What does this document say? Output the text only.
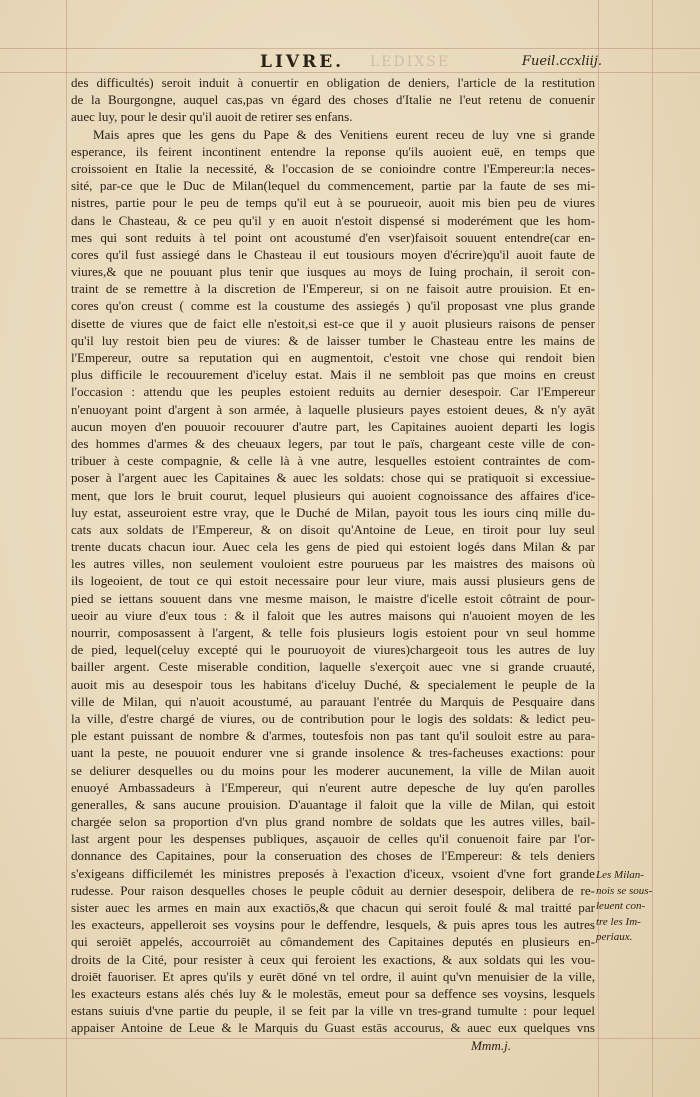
LEDIXSE
LIVRE.	Fueil.ccxliij.
des difficultés) seroit induit à conuertir en obligation de deniers, l'article de la restitution
de la Bourgongne, auquel cas,pas vn égard des choses d'Italie ne l'eut retenu de conuenir
auec luy, pour le desir qu'il auoit de retirer ses enfans.
Mais apres que les gens du Pape & des Venitiens eurent receu de luy vne si grande
esperance, ils feirent incontinent entendre la reponse qu'ils auoient euë, en temps que
croissoient en Italie la necessité, & l'occasion de se conioindre contre l'Empereur:la neces-
sité, par-ce que le Duc de Milan(lequel du commencement, partie par la faute de ses mi-
nistres, partie pour le peu de temps qu'il eut à se pourueoir, auoit mis bien peu de viures
dans le Chasteau, & ce peu qu'il y en auoit n'estoit dispensé si moderément que les hom-
mes qui sont reduits à tel point ont acoustumé d'en vser)faisoit souuent entendre(car en-
cores qu'il fust assiegé dans le Chasteau il eut tousiours moyen d'écrire)qu'il auoit faute de
viures,& que ne pouuant plus tenir que iusques au moys de Iuing prochain, il seroit con-
traint de se remettre à la discretion de l'Empereur, si on ne faisoit autre prouision. Et en-
cores qu'on creust ( comme est la coustume des assiegés ) qu'il proposast vne plus grande
disette de viures que de faict elle n'estoit,si est-ce que il y auoit plusieurs raisons de penser
qu'il luy restoit bien peu de viures: & de laisser tumber le Chasteau entre les mains de
l'Empereur, outre sa reputation qui en augmentoit, c'estoit vne chose qui rendoit bien
plus difficile le recouurement d'iceluy estat. Mais il ne sembloit pas que moins en creust
l'occasion : attendu que les peuples estoient reduits au dernier desespoir. Car l'Empereur
n'enuoyant point d'argent à son armée, à laquelle plusieurs payes estoient deues, & n'y ayāt
aucun moyen d'en pouuoir recouurer d'autre part, les Capitaines auoient departi les logis
des hommes d'armes & des cheuaux legers, par tout le païs, chargeant ceste ville de con-
tribuer à ceste compagnie, & celle là à vne autre, lesquelles estoient contraintes de com-
poser à l'argent auec les Capitaines & auec les soldats: chose qui se pratiquoit si excessiue-
ment, que lors le bruit courut, lequel plusieurs qui auoient cognoissance des affaires d'ice-
luy estat, asseuroient estre vray, que le Duché de Milan, payoit tous les iours cinq mille du-
cats aux soldats de l'Empereur, & on disoit qu'Antoine de Leue, en tiroit pour luy seul
trente ducats chacun iour. Auec cela les gens de pied qui estoient logés dans Milan & par
les autres villes, non seulement vouloient estre pourueus par les maistres des maisons où
ils logeoient, de tout ce qui estoit necessaire pour leur viure, mais aussi plusieurs gens de
pied se iettans souuent dans vne mesme maison, le maistre d'icelle estoit côtraint de pour-
ueoir au viure d'eux tous : & il faloit que les autres maisons qui n'auoient moyen de les
nourrir, composassent à l'argent, & telle fois plusieurs logis estoient pour vn seul homme
de pied, lequel(celuy excepté qui le pouruoyoit de viures)chargeoit tous les autres de luy
bailler argent. Ceste miserable condition, laquelle s'exerçoit auec vne si grande cruauté,
auoit mis au desespoir tous les habitans d'iceluy Duché, & specialement le peuple de la
ville de Milan, qui n'auoit acoustumé, au parauant l'entrée du Marquis de Pesquaire dans
la ville, d'estre chargé de viures, ou de contribution pour le logis des soldats: & ledict peu-
ple estant puissant de nombre & d'armes, toutesfois non pas tant qu'il souloit estre au para-
uant la peste, ne pouuoit endurer vne si grande insolence & tres-facheuses exactions: pour
se deliurer desquelles ou du moins pour les moderer aucunement, la ville de Milan auoit
enuoyé Ambassadeurs à l'Empereur, qui n'eurent autre depesche de luy qu'en parolles
generalles, & sans aucune prouision. D'auantage il faloit que la ville de Milan, qui estoit
chargée selon sa proportion d'vn plus grand nombre de soldats que les autres villes, bail-
last argent pour les despenses publiques, asçauoir de celles qu'il conuenoit faire par l'or-
donnance des Capitaines, pour la conseruation des choses de l'Empereur: & tels deniers
s'exigeans difficilemét les ministres preposés à l'exaction d'iceux, vsoient d'vne fort grande
rudesse. Pour raison desquelles choses le peuple côduit au dernier desespoir, delibera de re-
sister auec les armes en main aux exactiōs,& que chacun qui seroit foulé & mal traitté par
les exacteurs, appelleroit ses voysins pour le deffendre, lesquels, & puis apres tous les autres
qui seroiēt appelés, accourroiēt au cômandement des Capitaines deputés en plusieurs en-
droits de la Cité, pour resister à ceux qui feroient les exactions, & aux soldats qui les vou-
droiēt fauoriser. Et apres qu'ils y eurēt dōné vn tel ordre, il auint qu'vn menuisier de la ville,
les exacteurs estans alés chés luy & le molestās, emeut pour sa deffence ses voysins, lesquels
estans suiuis d'vne partie du peuple, il se feit par la ville vn tres-grand tumulte : pour lequel
appaiser Antoine de Leue & le Marquis du Guast estās accourus, & auec eux quelques vns
Mmm.j.
Les Milan-
nois se sous-
leuent con-
tre les Im-
periaux.
